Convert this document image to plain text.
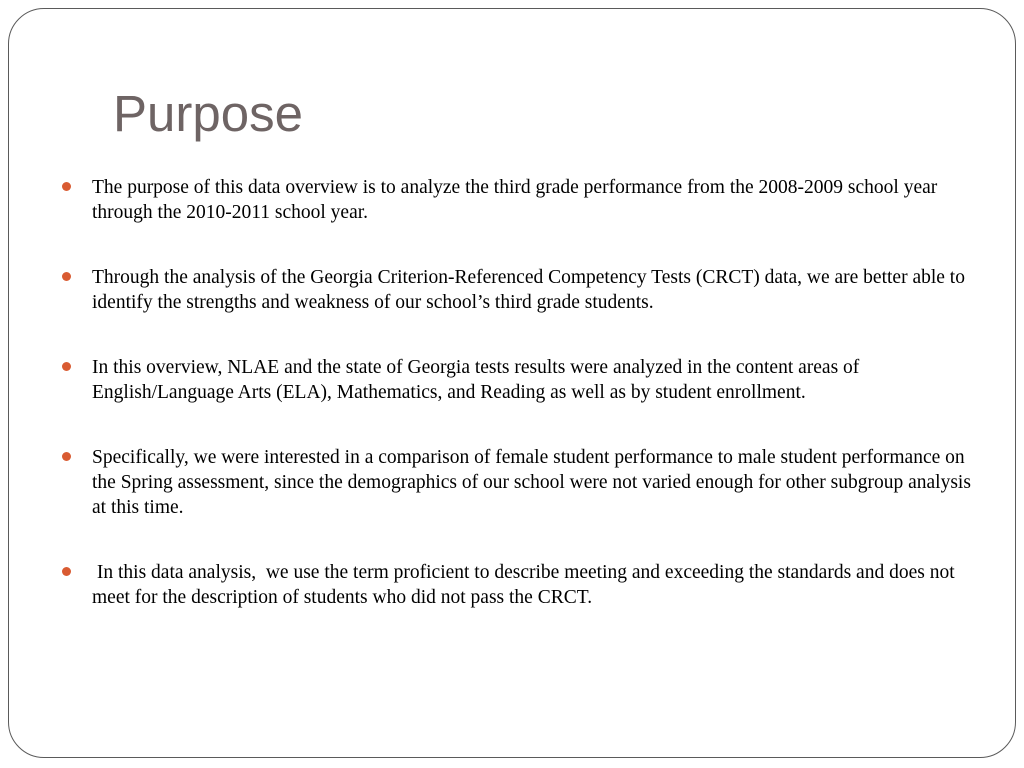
Purpose
The purpose of this data overview is to analyze the third grade performance from the 2008-2009 school year through the 2010-2011 school year.
Through the analysis of the Georgia Criterion-Referenced Competency Tests (CRCT) data, we are better able to identify the strengths and weakness of our school’s third grade students.
In this overview, NLAE and the state of Georgia tests results were analyzed in the content areas of English/Language Arts (ELA), Mathematics, and Reading as well as by student enrollment.
Specifically, we were interested in a comparison of female student performance to male student performance on the Spring assessment, since the demographics of our school were not varied enough for other subgroup analysis at this time.
In this data analysis,  we use the term proficient to describe meeting and exceeding the standards and does not meet for the description of students who did not pass the CRCT.
